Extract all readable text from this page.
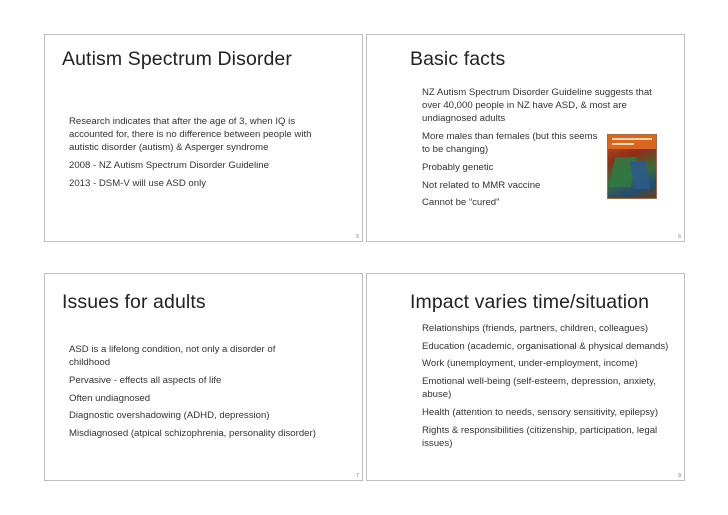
Autism Spectrum Disorder
Research indicates that after the age of 3, when IQ is accounted for, there is no difference between people with autistic disorder (autism) & Asperger syndrome
2008 - NZ Autism Spectrum Disorder Guideline
2013 - DSM-V will use ASD only
5
Basic facts
NZ Autism Spectrum Disorder Guideline suggests that over 40,000 people in NZ have ASD, & most are undiagnosed adults
More males than females (but this seems to be changing)
Probably genetic
Not related to MMR vaccine
Cannot be “cured”
6
Issues for adults
ASD is a lifelong condition, not only a disorder of childhood
Pervasive - effects all aspects of life
Often undiagnosed
Diagnostic overshadowing (ADHD, depression)
Misdiagnosed (atpical schizophrenia, personality disorder)
7
Impact varies time/situation
Relationships (friends, partners, children, colleagues)
Education (academic, organisational & physical demands)
Work (unemployment, under-employment, income)
Emotional well-being (self-esteem, depression, anxiety, abuse)
Health (attention to needs, sensory sensitivity, epilepsy)
Rights & responsibilities (citizenship, participation, legal issues)
8
